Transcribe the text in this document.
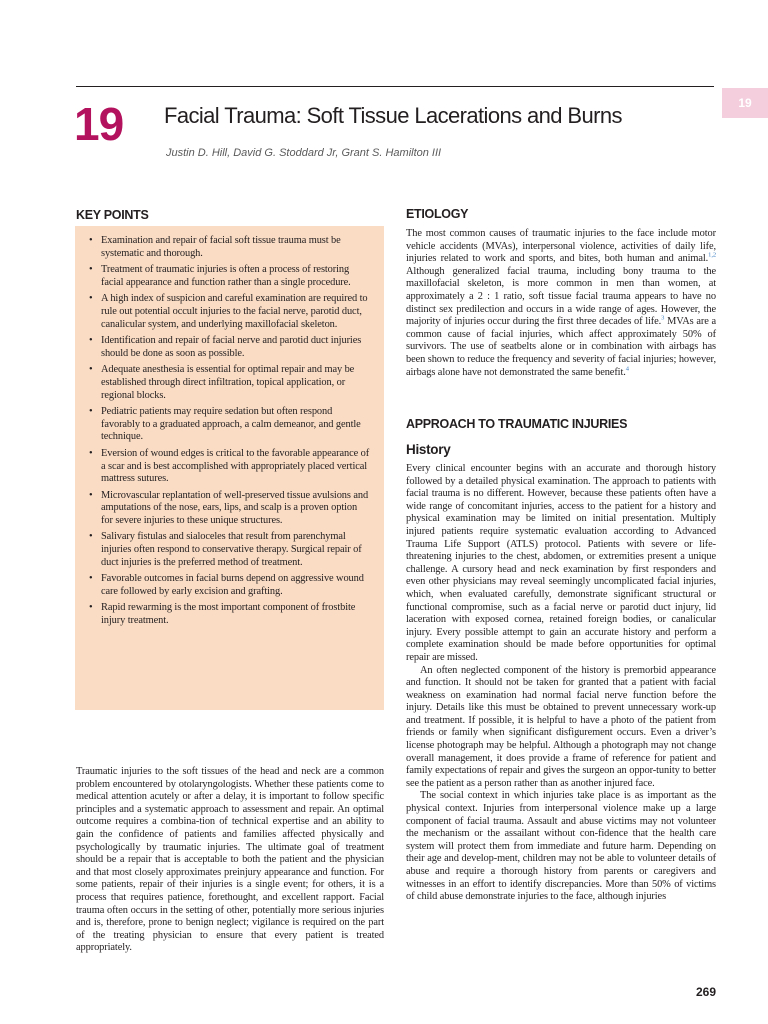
19
19	Facial Trauma: Soft Tissue Lacerations and Burns
Justin D. Hill, David G. Stoddard Jr, Grant S. Hamilton III
KEY POINTS
• Examination and repair of facial soft tissue trauma must be systematic and thorough.
• Treatment of traumatic injuries is often a process of restoring facial appearance and function rather than a single procedure.
• A high index of suspicion and careful examination are required to rule out potential occult injuries to the facial nerve, parotid duct, canalicular system, and underlying maxillofacial skeleton.
• Identification and repair of facial nerve and parotid duct injuries should be done as soon as possible.
• Adequate anesthesia is essential for optimal repair and may be established through direct infiltration, topical application, or regional blocks.
• Pediatric patients may require sedation but often respond favorably to a graduated approach, a calm demeanor, and gentle technique.
• Eversion of wound edges is critical to the favorable appearance of a scar and is best accomplished with appropriately placed vertical mattress sutures.
• Microvascular replantation of well-preserved tissue avulsions and amputations of the nose, ears, lips, and scalp is a proven option for severe injuries to these unique structures.
• Salivary fistulas and sialoceles that result from parenchymal injuries often respond to conservative therapy. Surgical repair of duct injuries is the preferred method of treatment.
• Favorable outcomes in facial burns depend on aggressive wound care followed by early excision and grafting.
• Rapid rewarming is the most important component of frostbite injury treatment.

Traumatic injuries to the soft tissues of the head and neck are a common problem encountered by otolaryngologists. Whether these patients come to medical attention acutely or after a delay, it is important to follow specific principles and a systematic approach to assessment and repair. An optimal outcome requires a combina-tion of technical expertise and an ability to gain the confidence of patients and families affected physically and psychologically by traumatic injuries. The ultimate goal of treatment should be a repair that is acceptable to both the patient and the physician and that most closely approximates preinjury appearance and function. For some patients, repair of their injuries is a single event; for others, it is a process that requires patience, forethought, and excellent rapport. Facial trauma often occurs in the setting of other, potentially more serious injuries and is, therefore, prone to benign neglect; vigilance is required on the part of the treating physician to ensure that every patient is treated appropriately.

ETIOLOGY

The most common causes of traumatic injuries to the face include motor vehicle accidents (MVAs), interpersonal violence, activities of daily life, injuries related to work and sports, and bites, both human and animal.$^{1,2}$ Although generalized facial trauma, including bony trauma to the maxillofacial skeleton, is more common in men than women, at approximately a 2 : 1 ratio, soft tissue facial trauma appears to have no distinct sex predilection and occurs in a wide range of ages. However, the majority of injuries occur during the first three decades of life.$^3$ MVAs are a common cause of facial injuries, which affect approximately 50% of survivors. The use of seatbelts alone or in combination with airbags has been shown to reduce the frequency and severity of facial injuries; however, airbags alone have not demonstrated the same benefit.$^4$

APPROACH TO TRAUMATIC INJURIES
History

Every clinical encounter begins with an accurate and thorough history followed by a detailed physical examination. The approach to patients with facial trauma is no different. However, because these patients often have a wide range of concomitant injuries, access to the patient for a history and physical examination may be limited on initial presentation. Multiply injured patients require systematic evaluation according to Advanced Trauma Life Support (ATLS) protocol. Patients with severe or life-threatening injuries to the chest, abdomen, or extremities present a unique challenge. A cursory head and neck examination by first responders and even other physicians may reveal seemingly uncomplicated facial injuries, which, when evaluated carefully, demonstrate significant structural or functional compromise, such as a facial nerve or parotid duct injury, lid laceration with exposed cornea, retained foreign bodies, or canalicular injury. Every possible attempt to gain an accurate history and perform a complete examination should be made before opportunities for optimal repair are missed.

An often neglected component of the history is premorbid appearance and function. It should not be taken for granted that a patient with facial weakness on examination had normal facial nerve function before the injury. Details like this must be obtained to prevent unnecessary work-up and treatment. If possible, it is helpful to have a photo of the patient from friends or family when significant disfigurement occurs. Even a driver’s license photograph may be helpful. Although a photograph may not change overall management, it does provide a frame of reference for patient and family expectations of repair and gives the surgeon an oppor-tunity to better see the patient as a person rather than as another injured face.

The social context in which injuries take place is as important as the physical context. Injuries from interpersonal violence make up a large component of facial trauma. Assault and abuse victims may not volunteer the mechanism or the assailant without con-fidence that the health care system will protect them from immediate and future harm. Depending on their age and develop-ment, children may not be able to volunteer details of abuse and require a thorough history from parents or caregivers and witnesses in an effort to identify discrepancies. More than 50% of victims of child abuse demonstrate injuries to the face, although injuries

269
